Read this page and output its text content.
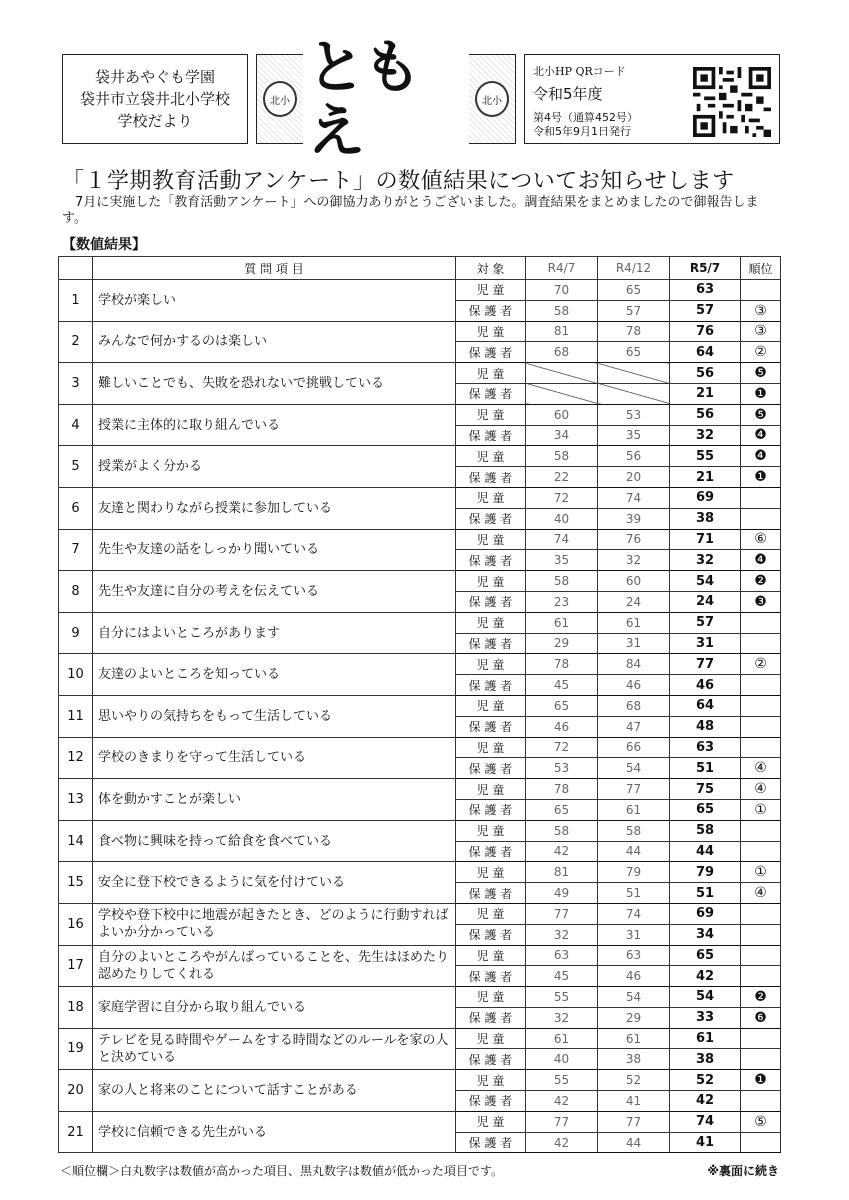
袋井あやぐも学園
袋井市立袋井北小学校
学校だより
北小 ともえ	北小
北小HP QRコード
令和5年度
第4号（通算452号）
令和5年9月1日発行
「１学期教育活動アンケート」の数値結果についてお知らせします
7月に実施した「教育活動アンケート」への御協力ありがとうございました。調査結果をまとめましたので御報告します。
【数値結果】
	質 問 項 目	対 象	R4/7	R4/12	R5/7	順位
1	学校が楽しい	児 童	70	65	63	
		保 護 者	58	57	57	③
2	みんなで何かするのは楽しい	児 童	81	78	76	③
		保 護 者	68	65	64	②
3	難しいことでも、失敗を恐れないで挑戦している	児 童			56	❺
		保 護 者			21	❶
4	授業に主体的に取り組んでいる	児 童	60	53	56	❺
		保 護 者	34	35	32	❹
5	授業がよく分かる	児 童	58	56	55	❹
		保 護 者	22	20	21	❶
6	友達と関わりながら授業に参加している	児 童	72	74	69	
		保 護 者	40	39	38	
7	先生や友達の話をしっかり聞いている	児 童	74	76	71	⑥
		保 護 者	35	32	32	❹
8	先生や友達に自分の考えを伝えている	児 童	58	60	54	❷
		保 護 者	23	24	24	❸
9	自分にはよいところがあります	児 童	61	61	57	
		保 護 者	29	31	31	
10	友達のよいところを知っている	児 童	78	84	77	②
		保 護 者	45	46	46	
11	思いやりの気持ちをもって生活している	児 童	65	68	64	
		保 護 者	46	47	48	
12	学校のきまりを守って生活している	児 童	72	66	63	
		保 護 者	53	54	51	④
13	体を動かすことが楽しい	児 童	78	77	75	④
		保 護 者	65	61	65	①
14	食べ物に興味を持って給食を食べている	児 童	58	58	58	
		保 護 者	42	44	44	
15	安全に登下校できるように気を付けている	児 童	81	79	79	①
		保 護 者	49	51	51	④
16	学校や登下校中に地震が起きたとき、どのように行動すればよいか分かっている	児 童	77	74	69	
		保 護 者	32	31	34	
17	自分のよいところやがんばっていることを、先生はほめたり認めたりしてくれる	児 童	63	63	65	
		保 護 者	45	46	42	
18	家庭学習に自分から取り組んでいる	児 童	55	54	54	❷
		保 護 者	32	29	33	❻
19	テレビを見る時間やゲームをする時間などのルールを家の人と決めている	児 童	61	61	61	
		保 護 者	40	38	38	
20	家の人と将来のことについて話すことがある	児 童	55	52	52	❶
		保 護 者	42	41	42	
21	学校に信頼できる先生がいる	児 童	77	77	74	⑤
		保 護 者	42	44	41	
＜順位欄＞白丸数字は数値が高かった項目、黒丸数字は数値が低かった項目です。	※裏面に続き
